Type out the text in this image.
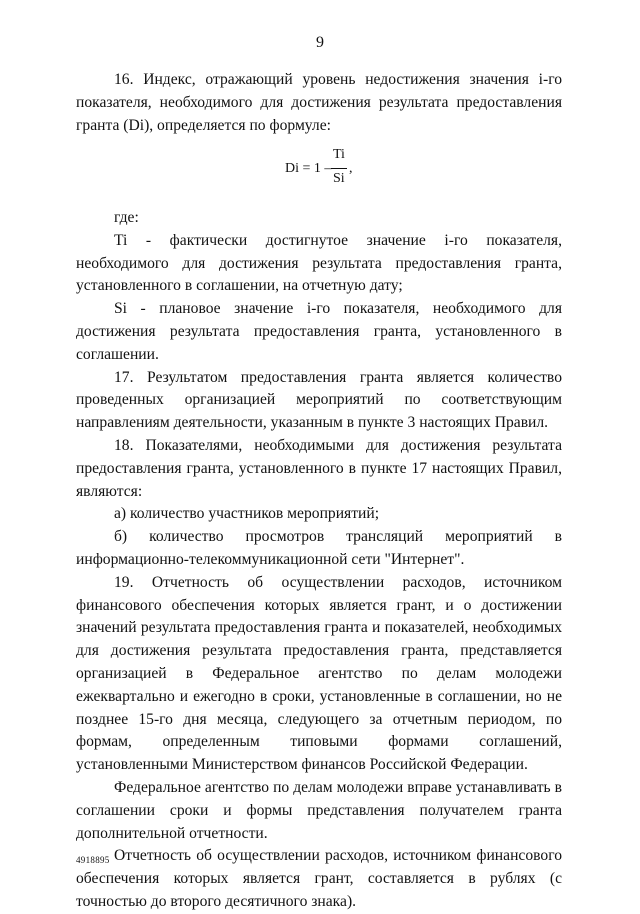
9

16. Индекс, отражающий уровень недостижения значения i-го показателя, необходимого для достижения результата предоставления гранта (Di), определяется по формуле:

Di = 1 –
Ti
Si
,

где:

Ti - фактически достигнутое значение i-го показателя, необходимого для достижения результата предоставления гранта, установленного в соглашении, на отчетную дату;

Si - плановое значение i-го показателя, необходимого для достижения результата предоставления гранта, установленного в соглашении.

17. Результатом предоставления гранта является количество проведенных организацией мероприятий по соответствующим направлениям деятельности, указанным в пункте 3 настоящих Правил.

18. Показателями, необходимыми для достижения результата предоставления гранта, установленного в пункте 17 настоящих Правил, являются:

а) количество участников мероприятий;

б) количество просмотров трансляций мероприятий в информационно-телекоммуникационной сети "Интернет".

19. Отчетность об осуществлении расходов, источником финансового обеспечения которых является грант, и о достижении значений результата предоставления гранта и показателей, необходимых для достижения результата предоставления гранта, представляется организацией в Федеральное агентство по делам молодежи ежеквартально и ежегодно в сроки, установленные в соглашении, но не позднее 15-го дня месяца, следующего за отчетным периодом, по формам, определенным типовыми формами соглашений, установленными Министерством финансов Российской Федерации.

Федеральное агентство по делам молодежи вправе устанавливать в соглашении сроки и формы представления получателем гранта дополнительной отчетности.

Отчетность об осуществлении расходов, источником финансового обеспечения которых является грант, составляется в рублях (с точностью до второго десятичного знака).

4918895
